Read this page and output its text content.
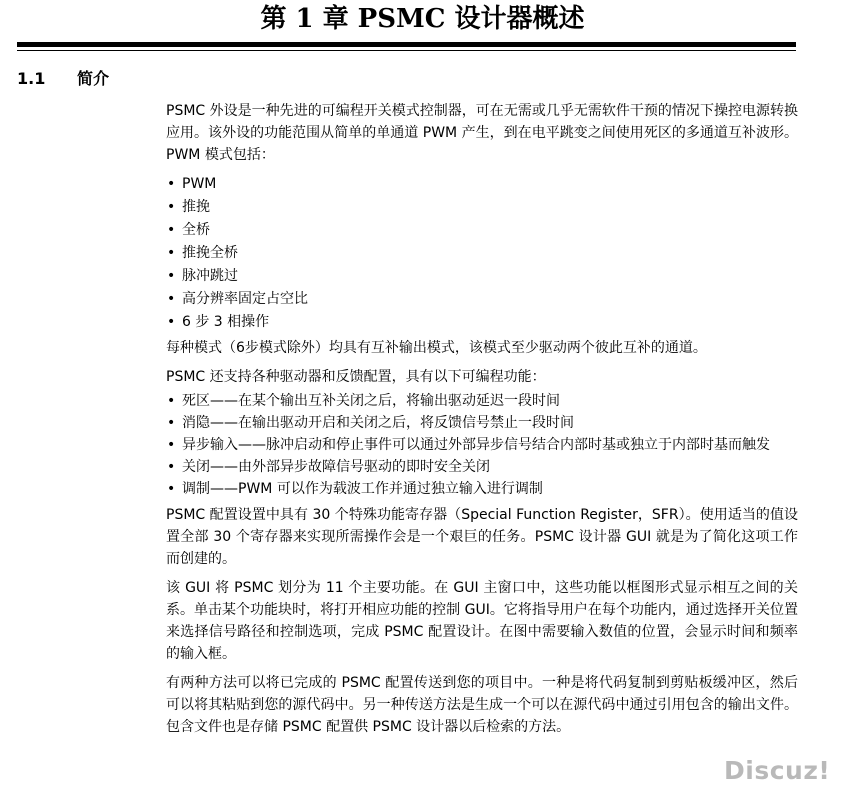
第 1 章 PSMC 设计器概述
1.1 简介

PSMC 外设是一种先进的可编程开关模式控制器，可在无需或几乎无需软件干预的情况下操控电源转换应用。该外设的功能范围从简单的单通道 PWM 产生，到在电平跳变之间使用死区的多通道互补波形。PWM 模式包括：

• PWM
• 推挽
• 全桥
• 推挽全桥
• 脉冲跳过
• 高分辨率固定占空比
• 6 步 3 相操作

每种模式（6步模式除外）均具有互补输出模式，该模式至少驱动两个彼此互补的通道。

PSMC 还支持各种驱动器和反馈配置，具有以下可编程功能：

• 死区——在某个输出互补关闭之后，将输出驱动延迟一段时间
• 消隐——在输出驱动开启和关闭之后，将反馈信号禁止一段时间
• 异步输入——脉冲启动和停止事件可以通过外部异步信号结合内部时基或独立于内部时基而触发
• 关闭——由外部异步故障信号驱动的即时安全关闭
• 调制——PWM 可以作为载波工作并通过独立输入进行调制

PSMC 配置设置中具有 30 个特殊功能寄存器（Special Function Register，SFR）。使用适当的值设置全部 30 个寄存器来实现所需操作会是一个艰巨的任务。PSMC 设计器 GUI 就是为了简化这项工作而创建的。

该 GUI 将 PSMC 划分为 11 个主要功能。在 GUI 主窗口中，这些功能以框图形式显示相互之间的关系。单击某个功能块时，将打开相应功能的控制 GUI。它将指导用户在每个功能内，通过选择开关位置来选择信号路径和控制选项，完成 PSMC 配置设计。在图中需要输入数值的位置，会显示时间和频率的输入框。

有两种方法可以将已完成的 PSMC 配置传送到您的项目中。一种是将代码复制到剪贴板缓冲区，然后可以将其粘贴到您的源代码中。另一种传送方法是生成一个可以在源代码中通过引用包含的输出文件。包含文件也是存储 PSMC 配置供 PSMC 设计器以后检索的方法。

Discuz!
